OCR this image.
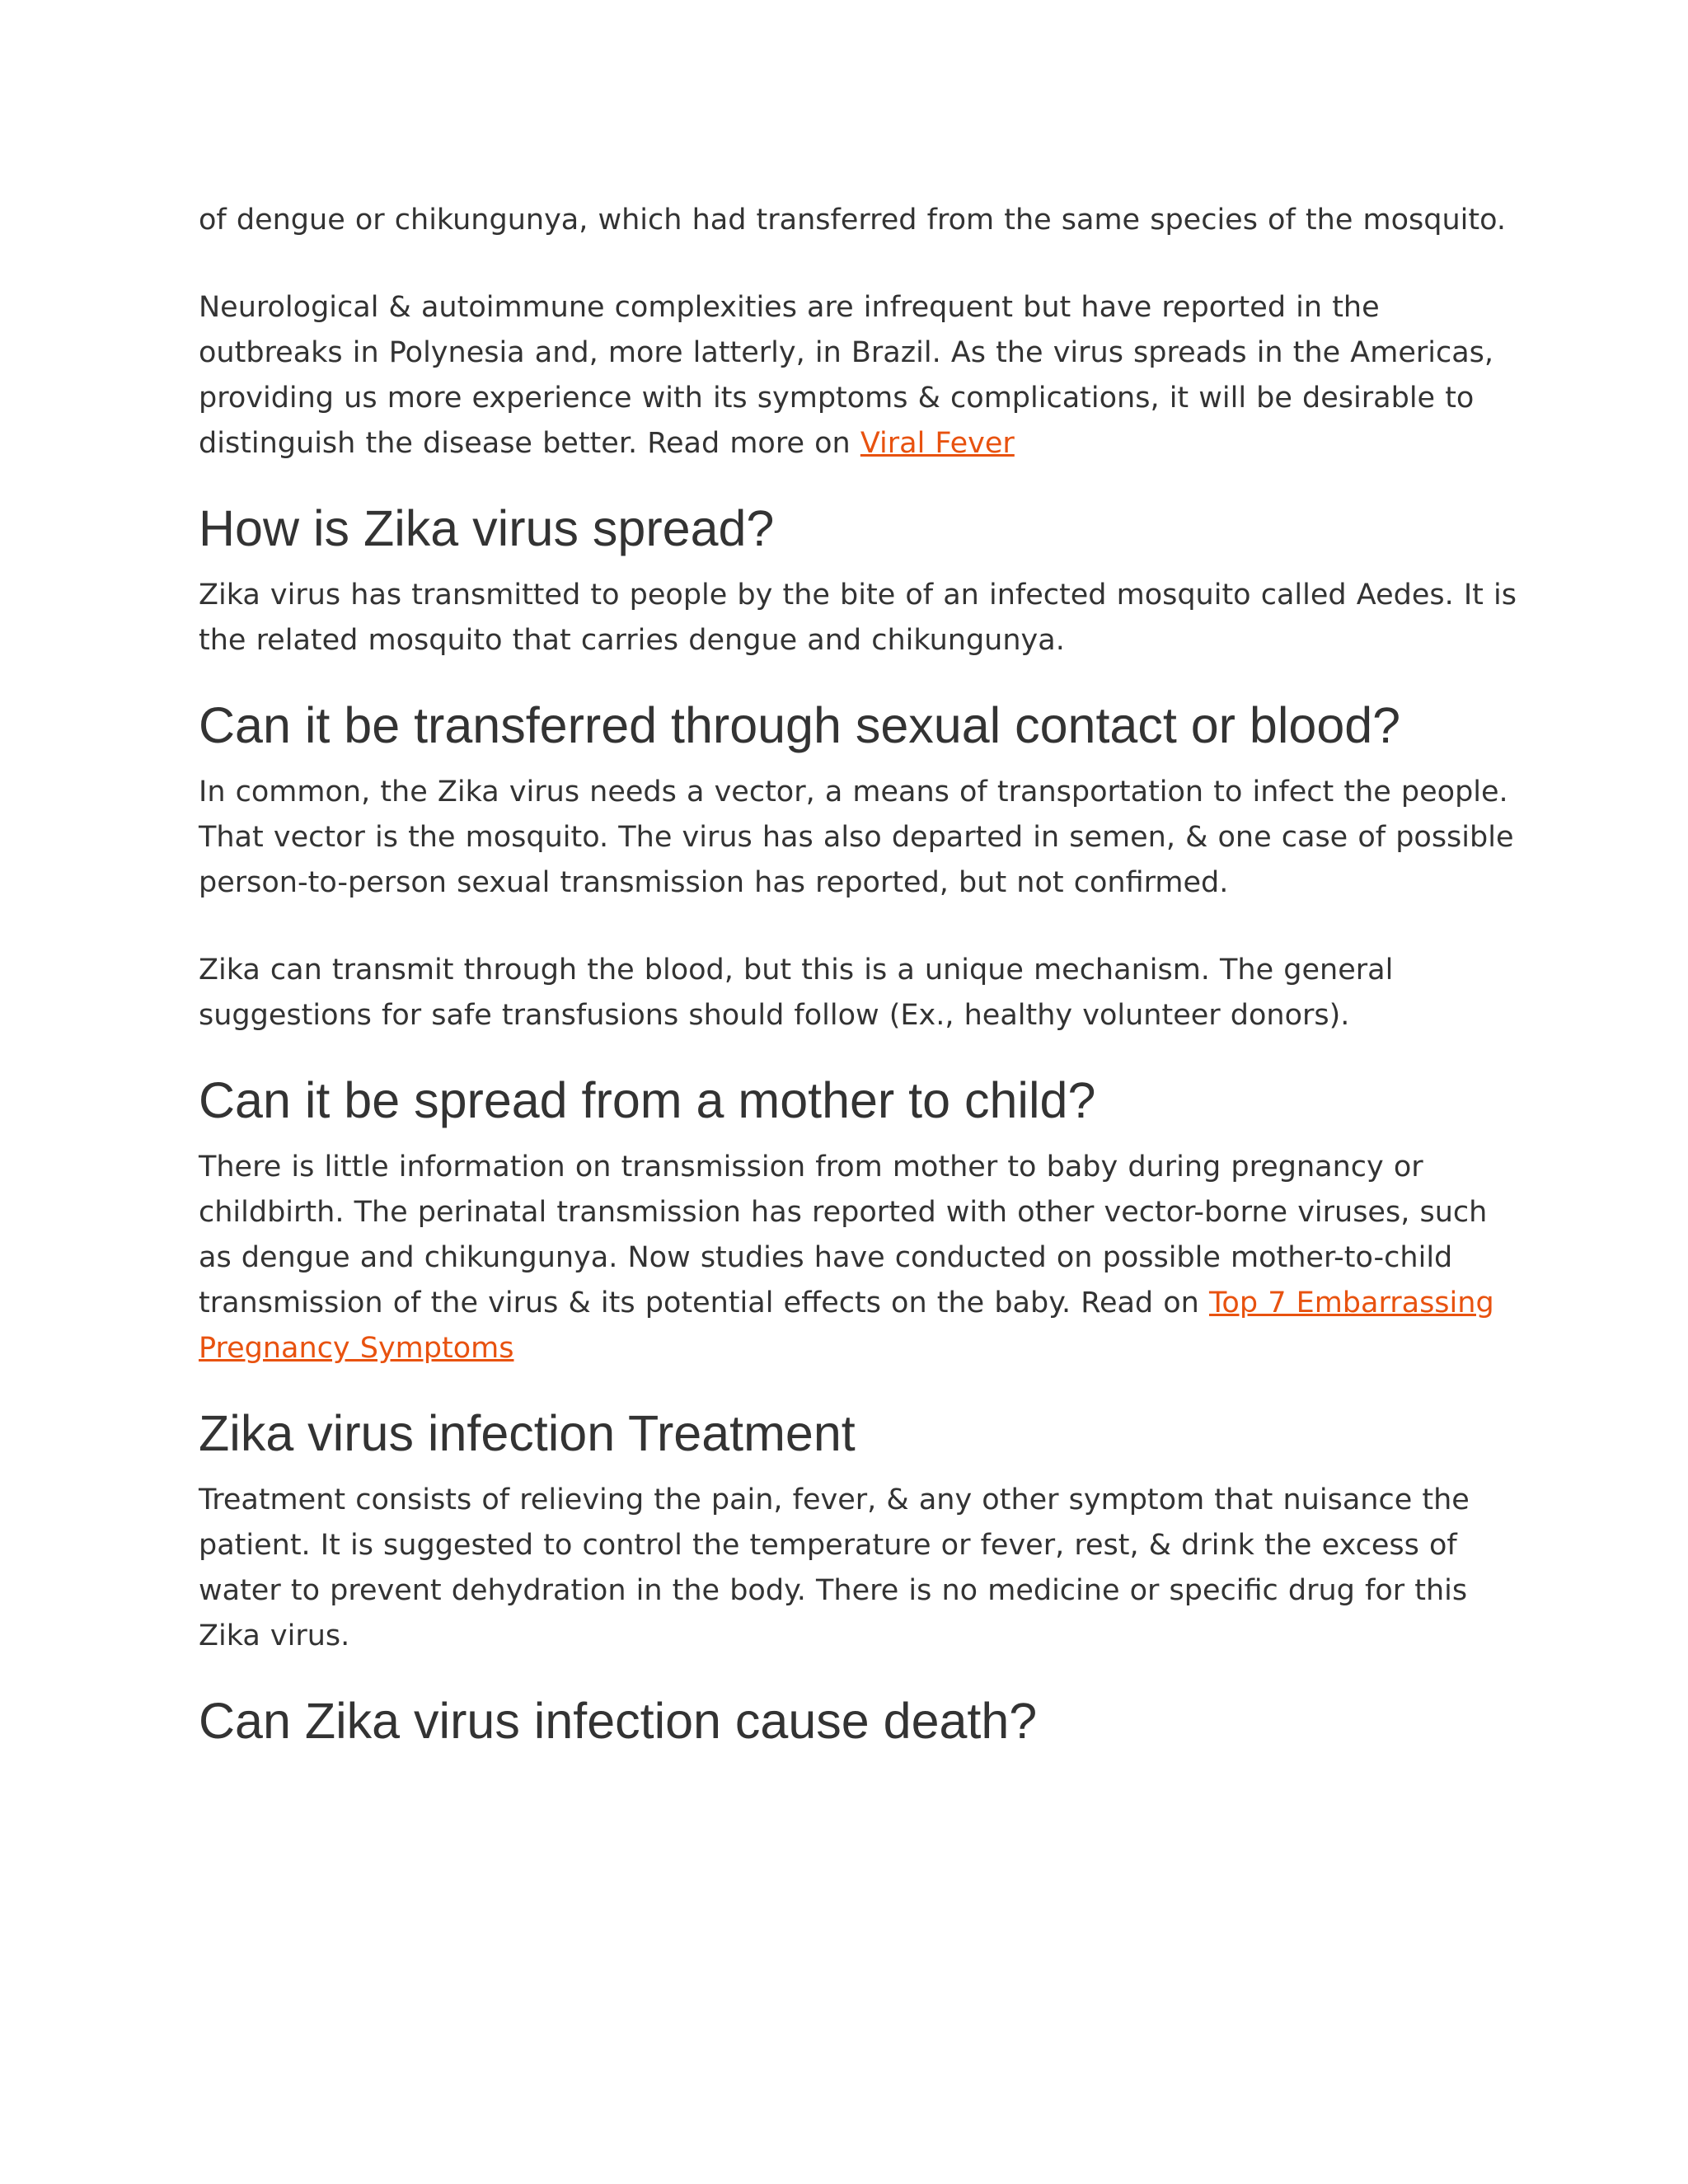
of dengue or chikungunya, which had transferred from the same species of the mosquito.

Neurological & autoimmune complexities are infrequent but have reported in the outbreaks in Polynesia and, more latterly, in Brazil. As the virus spreads in the Americas, providing us more experience with its symptoms & complications, it will be desirable to distinguish the disease better. Read more on Viral Fever

How is Zika virus spread?

Zika virus has transmitted to people by the bite of an infected mosquito called Aedes. It is the related mosquito that carries dengue and chikungunya.

Can it be transferred through sexual contact or blood?

In common, the Zika virus needs a vector, a means of transportation to infect the people. That vector is the mosquito. The virus has also departed in semen, & one case of possible person-to-person sexual transmission has reported, but not confirmed.

Zika can transmit through the blood, but this is a unique mechanism. The general suggestions for safe transfusions should follow (Ex., healthy volunteer donors).

Can it be spread from a mother to child?

There is little information on transmission from mother to baby during pregnancy or childbirth. The perinatal transmission has reported with other vector-borne viruses, such as dengue and chikungunya. Now studies have conducted on possible mother-to-child transmission of the virus & its potential effects on the baby. Read on Top 7 Embarrassing Pregnancy Symptoms

Zika virus infection Treatment

Treatment consists of relieving the pain, fever, & any other symptom that nuisance the patient. It is suggested to control the temperature or fever, rest, & drink the excess of water to prevent dehydration in the body. There is no medicine or specific drug for this Zika virus.

Can Zika virus infection cause death?
